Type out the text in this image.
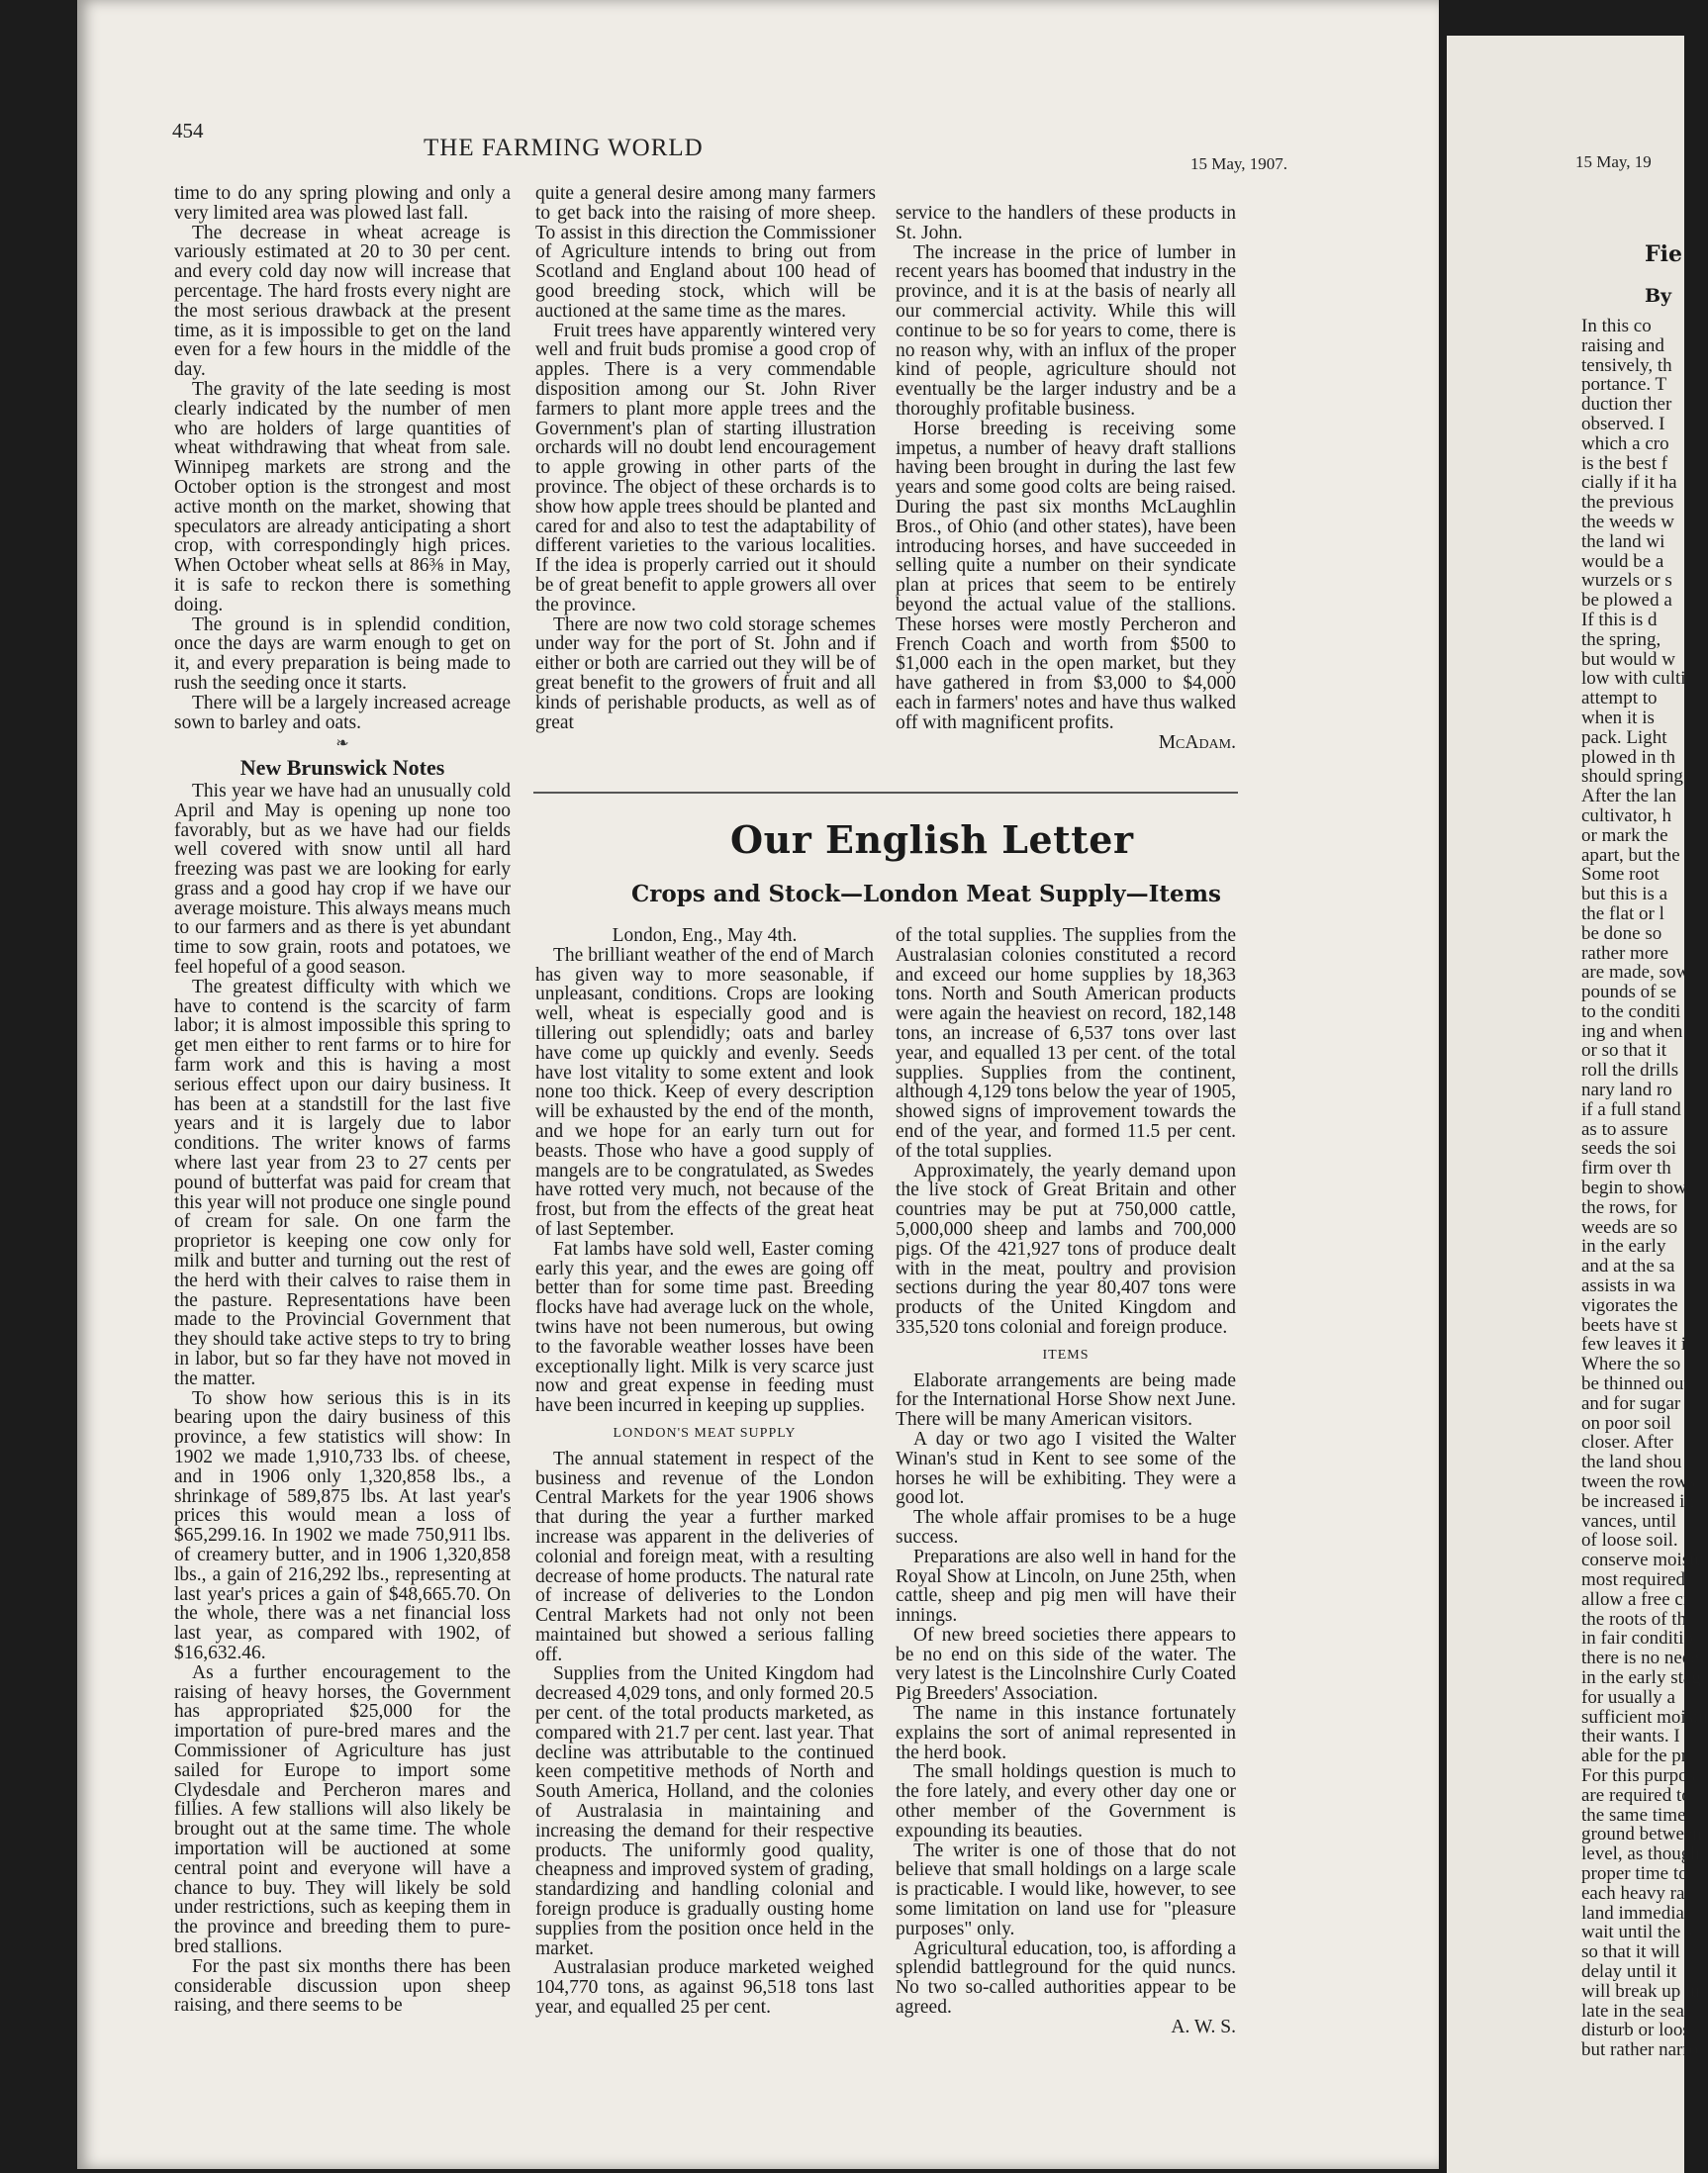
454
THE FARMING WORLD
15 May, 1907.

time to do any spring plowing and only a very limited area was plowed last fall.

The decrease in wheat acreage is variously estimated at 20 to 30 per cent. and every cold day now will increase that percentage. The hard frosts every night are the most serious drawback at the present time, as it is impossible to get on the land even for a few hours in the middle of the day.

The gravity of the late seeding is most clearly indicated by the number of men who are holders of large quantities of wheat withdrawing that wheat from sale. Winnipeg markets are strong and the October option is the strongest and most active month on the market, showing that speculators are already anticipating a short crop, with correspondingly high prices. When October wheat sells at 86⅜ in May, it is safe to reckon there is something doing.

The ground is in splendid condition, once the days are warm enough to get on it, and every preparation is being made to rush the seeding once it starts.

There will be a largely increased acreage sown to barley and oats.

❧
New Brunswick Notes

This year we have had an unusually cold April and May is opening up none too favorably, but as we have had our fields well covered with snow until all hard freezing was past we are looking for early grass and a good hay crop if we have our average moisture. This always means much to our farmers and as there is yet abundant time to sow grain, roots and potatoes, we feel hopeful of a good season.

The greatest difficulty with which we have to contend is the scarcity of farm labor; it is almost impossible this spring to get men either to rent farms or to hire for farm work and this is having a most serious effect upon our dairy business. It has been at a standstill for the last five years and it is largely due to labor conditions. The writer knows of farms where last year from 23 to 27 cents per pound of butterfat was paid for cream that this year will not produce one single pound of cream for sale. On one farm the proprietor is keeping one cow only for milk and butter and turning out the rest of the herd with their calves to raise them in the pasture. Representations have been made to the Provincial Government that they should take active steps to try to bring in labor, but so far they have not moved in the matter.

To show how serious this is in its bearing upon the dairy business of this province, a few statistics will show: In 1902 we made 1,910,733 lbs. of cheese, and in 1906 only 1,320,858 lbs., a shrinkage of 589,875 lbs. At last year's prices this would mean a loss of $65,299.16. In 1902 we made 750,911 lbs. of creamery butter, and in 1906 1,320,858 lbs., a gain of 216,292 lbs., representing at last year's prices a gain of $48,665.70. On the whole, there was a net financial loss last year, as compared with 1902, of $16,632.46.

As a further encouragement to the raising of heavy horses, the Government has appropriated $25,000 for the importation of pure-bred mares and the Commissioner of Agriculture has just sailed for Europe to import some Clydesdale and Percheron mares and fillies. A few stallions will also likely be brought out at the same time. The whole importation will be auctioned at some central point and everyone will have a chance to buy. They will likely be sold under restrictions, such as keeping them in the province and breeding them to pure-bred stallions.

For the past six months there has been considerable discussion upon sheep raising, and there seems to be

quite a general desire among many farmers to get back into the raising of more sheep. To assist in this direction the Commissioner of Agriculture intends to bring out from Scotland and England about 100 head of good breeding stock, which will be auctioned at the same time as the mares.

Fruit trees have apparently wintered very well and fruit buds promise a good crop of apples. There is a very commendable disposition among our St. John River farmers to plant more apple trees and the Government's plan of starting illustration orchards will no doubt lend encouragement to apple growing in other parts of the province. The object of these orchards is to show how apple trees should be planted and cared for and also to test the adaptability of different varieties to the various localities. If the idea is properly carried out it should be of great benefit to apple growers all over the province.

There are now two cold storage schemes under way for the port of St. John and if either or both are carried out they will be of great benefit to the growers of fruit and all kinds of perishable products, as well as of great

service to the handlers of these products in St. John.

The increase in the price of lumber in recent years has boomed that industry in the province, and it is at the basis of nearly all our commercial activity. While this will continue to be so for years to come, there is no reason why, with an influx of the proper kind of people, agriculture should not eventually be the larger industry and be a thoroughly profitable business.

Horse breeding is receiving some impetus, a number of heavy draft stallions having been brought in during the last few years and some good colts are being raised. During the past six months McLaughlin Bros., of Ohio (and other states), have been introducing horses, and have succeeded in selling quite a number on their syndicate plan at prices that seem to be entirely beyond the actual value of the stallions. These horses were mostly Percheron and French Coach and worth from $500 to $1,000 each in the open market, but they have gathered in from $3,000 to $4,000 each in farmers' notes and have thus walked off with magnificent profits.

McAdam.

Our English Letter
Crops and Stock—London Meat Supply—Items

London, Eng., May 4th.

The brilliant weather of the end of March has given way to more seasonable, if unpleasant, conditions. Crops are looking well, wheat is especially good and is tillering out splendidly; oats and barley have come up quickly and evenly. Seeds have lost vitality to some extent and look none too thick. Keep of every description will be exhausted by the end of the month, and we hope for an early turn out for beasts. Those who have a good supply of mangels are to be congratulated, as Swedes have rotted very much, not because of the frost, but from the effects of the great heat of last September.

Fat lambs have sold well, Easter coming early this year, and the ewes are going off better than for some time past. Breeding flocks have had average luck on the whole, twins have not been numerous, but owing to the favorable weather losses have been exceptionally light. Milk is very scarce just now and great expense in feeding must have been incurred in keeping up supplies.

LONDON'S MEAT SUPPLY

The annual statement in respect of the business and revenue of the London Central Markets for the year 1906 shows that during the year a further marked increase was apparent in the deliveries of colonial and foreign meat, with a resulting decrease of home products. The natural rate of increase of deliveries to the London Central Markets had not only not been maintained but showed a serious falling off.

Supplies from the United Kingdom had decreased 4,029 tons, and only formed 20.5 per cent. of the total products marketed, as compared with 21.7 per cent. last year. That decline was attributable to the continued keen competitive methods of North and South America, Holland, and the colonies of Australasia in maintaining and increasing the demand for their respective products. The uniformly good quality, cheapness and improved system of grading, standardizing and handling colonial and foreign produce is gradually ousting home supplies from the position once held in the market.

Australasian produce marketed weighed 104,770 tons, as against 96,518 tons last year, and equalled 25 per cent.

of the total supplies. The supplies from the Australasian colonies constituted a record and exceed our home supplies by 18,363 tons. North and South American products were again the heaviest on record, 182,148 tons, an increase of 6,537 tons over last year, and equalled 13 per cent. of the total supplies. Supplies from the continent, although 4,129 tons below the year of 1905, showed signs of improvement towards the end of the year, and formed 11.5 per cent. of the total supplies.

Approximately, the yearly demand upon the live stock of Great Britain and other countries may be put at 750,000 cattle, 5,000,000 sheep and lambs and 700,000 pigs. Of the 421,927 tons of produce dealt with in the meat, poultry and provision sections during the year 80,407 tons were products of the United Kingdom and 335,520 tons colonial and foreign produce.

ITEMS

Elaborate arrangements are being made for the International Horse Show next June. There will be many American visitors.

A day or two ago I visited the Walter Winan's stud in Kent to see some of the horses he will be exhibiting. They were a good lot.

The whole affair promises to be a huge success.

Preparations are also well in hand for the Royal Show at Lincoln, on June 25th, when cattle, sheep and pig men will have their innings.

Of new breed societies there appears to be no end on this side of the water. The very latest is the Lincolnshire Curly Coated Pig Breeders' Association.

The name in this instance fortunately explains the sort of animal represented in the herd book.

The small holdings question is much to the fore lately, and every other day one or other member of the Government is expounding its beauties.

The writer is one of those that do not believe that small holdings on a large scale is practicable. I would like, however, to see some limitation on land use for "pleasure purposes" only.

Agricultural education, too, is affording a splendid battleground for the quid nuncs. No two so-called authorities appear to be agreed.

A. W. S.

15 May, 19
Fie
By
In this co
raising and
tensively, th
portance. T
duction ther
observed. I
which a cro
is the best f
cially if it ha
the previous
the weeds w
the land wi
would be a
wurzels or s
be plowed a
If this is d
the spring,
but would w
low with culti
attempt to
when it is
pack. Light
plowed in th
should spring
After the lan
cultivator, h
or mark the
apart, but the
Some root
but this is a
the flat or l
be done so
rather more
are made, sow
pounds of se
to the conditi
ing and when
or so that it
roll the drills
nary land ro
if a full stand
as to assure
seeds the soi
firm over th
begin to show
the rows, for
weeds are so
in the early
and at the sa
assists in wa
vigorates the
beets have st
few leaves it i
Where the so
be thinned out
and for sugar
on poor soil
closer. After
the land shou
tween the rows
be increased in
vances, until
of loose soil.
conserve moistu
most required
allow a free ci
the roots of th
in fair conditio
there is no nece
in the early stag
for usually a
sufficient moistu
their wants. I
able for the pr
For this purpos
are required to
the same time
ground between
level, as though
proper time to
each heavy rai
land immediat
wait until the s
so that it will
delay until it
will break up lu
late in the sea
disturb or loos
but rather narro
